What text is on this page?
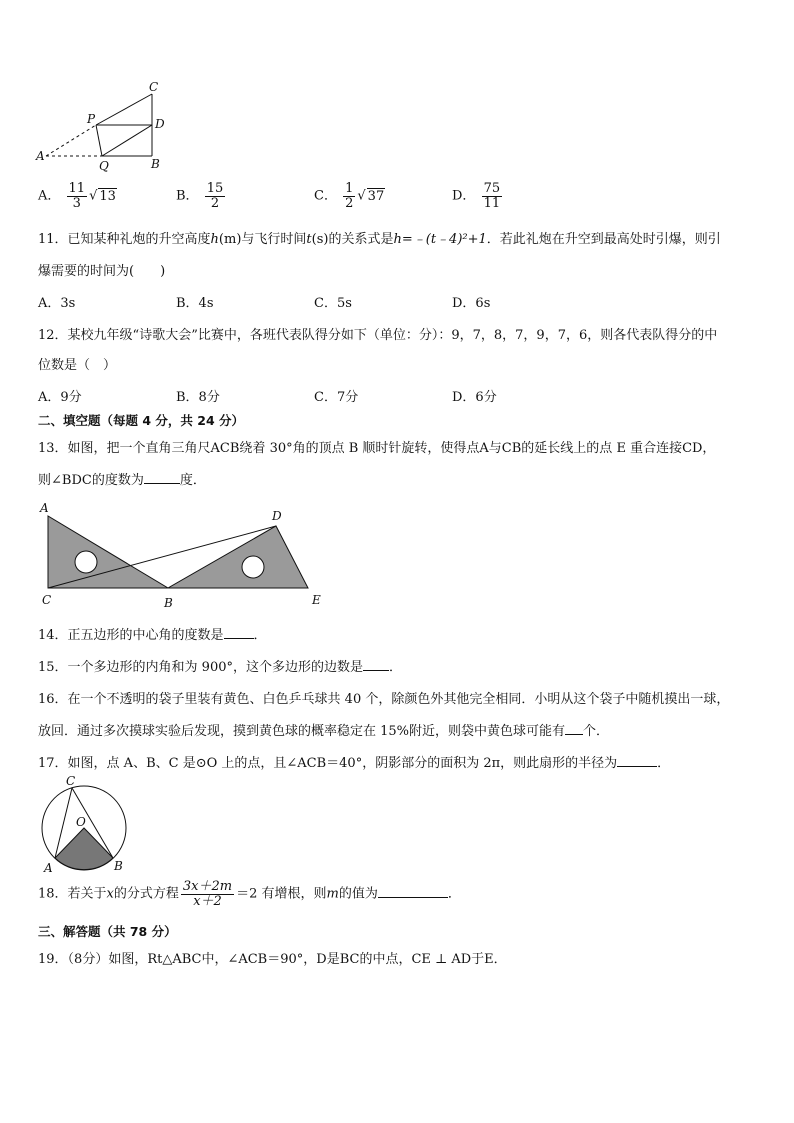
C
P	D
A
Q	B
A． $\frac{11}{3}$ √ 13	B． $\frac{15}{2}$	C． $\frac{1}{2}$ √ 37	D． $\frac{75}{11}$
11．已知某种礼炮的升空高度h(m)与飞行时间t(s)的关系式是h=﹣(t﹣4)²+1．若此礼炮在升空到最高处时引爆，则引
爆需要的时间为(　　)
A．3s	B．4s	C．5s	D．6s
12．某校九年级“诗歌大会”比赛中，各班代表队得分如下（单位：分）：9，7，8，7，9，7，6，则各代表队得分的中
位数是（　）
A．9分	B．8分	C．7分	D．6分
二、填空题（每题 4 分，共 24 分）
13．如图，把一个直角三角尺ACB绕着 30°角的顶点 B 顺时针旋转，使得点A与CB的延长线上的点 E 重合连接CD，
则∠BDC的度数为	度．
A
D
C	B	E
14．正五边形的中心角的度数是 ．
15．一个多边形的内角和为 900°，这个多边形的边数是 ．
16．在一个不透明的袋子里装有黄色、白色乒乓球共 40 个，除颜色外其他完全相同．小明从这个袋子中随机摸出一球，
放回．通过多次摸球实验后发现，摸到黄色球的概率稳定在 15%附近，则袋中黄色球可能有 个．
17．如图，点 A、B、C 是⊙O 上的点，且∠ACB＝40°，阴影部分的面积为 2π，则此扇形的半径为	．
C
O
A	B
18．若关于x的分式方程 $\frac{3x+2m}{x+2} =2$ 有增根，则m的值为	．
三、解答题（共 78 分）
19．（8分）如图，Rt△ABC中，∠ACB＝90°，D是BC的中点，CE ⊥ AD于E．
